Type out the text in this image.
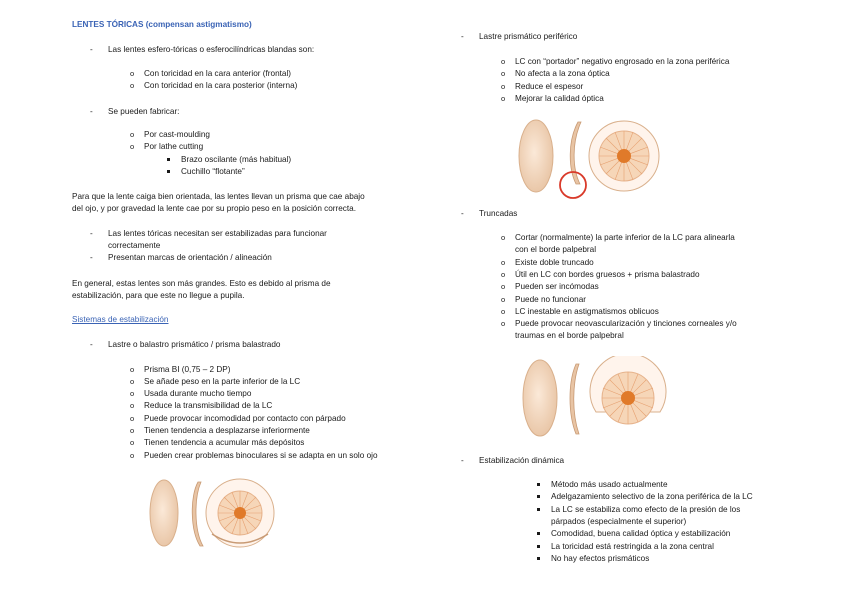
LENTES TÓRICAS (compensan astigmatismo)
- Las lentes esfero-tóricas o esferocilíndricas blandas son:
o Con toricidad en la cara anterior (frontal)
o Con toricidad en la cara posterior (interna)
- Se pueden fabricar:
o Por cast-moulding
o Por lathe cutting
Brazo oscilante (más habitual)
Cuchillo “flotante”
Para que la lente caiga bien orientada, las lentes llevan un prisma que cae abajo
del ojo, y por gravedad la lente cae por su propio peso en la posición correcta.
- Las lentes tóricas necesitan ser estabilizadas para funcionar
correctamente
- Presentan marcas de orientación / alineación
En general, estas lentes son más grandes. Esto es debido al prisma de
estabilización, para que este no llegue a pupila.
Sistemas de estabilización
- Lastre o balastro prismático / prisma balastrado
o Prisma BI (0,75 – 2 DP)
o Se añade peso en la parte inferior de la LC
o Usada durante mucho tiempo
o Reduce la transmisibilidad de la LC
o Puede provocar incomodidad por contacto con párpado
o Tienen tendencia a desplazarse inferiormente
o Tienen tendencia a acumular más depósitos
o Pueden crear problemas binoculares si se adapta en un solo ojo
- Lastre prismático periférico
o LC con “portador” negativo engrosado en la zona periférica
o No afecta a la zona óptica
o Reduce el espesor
o Mejorar la calidad óptica
- Truncadas
o Cortar (normalmente) la parte inferior de la LC para alinearla
con el borde palpebral
o Existe doble truncado
o Útil en LC con bordes gruesos + prisma balastrado
o Pueden ser incómodas
o Puede no funcionar
o LC inestable en astigmatismos oblicuos
o Puede provocar neovascularización y tinciones corneales y/o
traumas en el borde palpebral
- Estabilización dinámica
Método más usado actualmente
Adelgazamiento selectivo de la zona periférica de la LC
La LC se estabiliza como efecto de la presión de los
párpados (especialmente el superior)
Comodidad, buena calidad óptica y estabilización
La toricidad está restringida a la zona central
No hay efectos prismáticos
